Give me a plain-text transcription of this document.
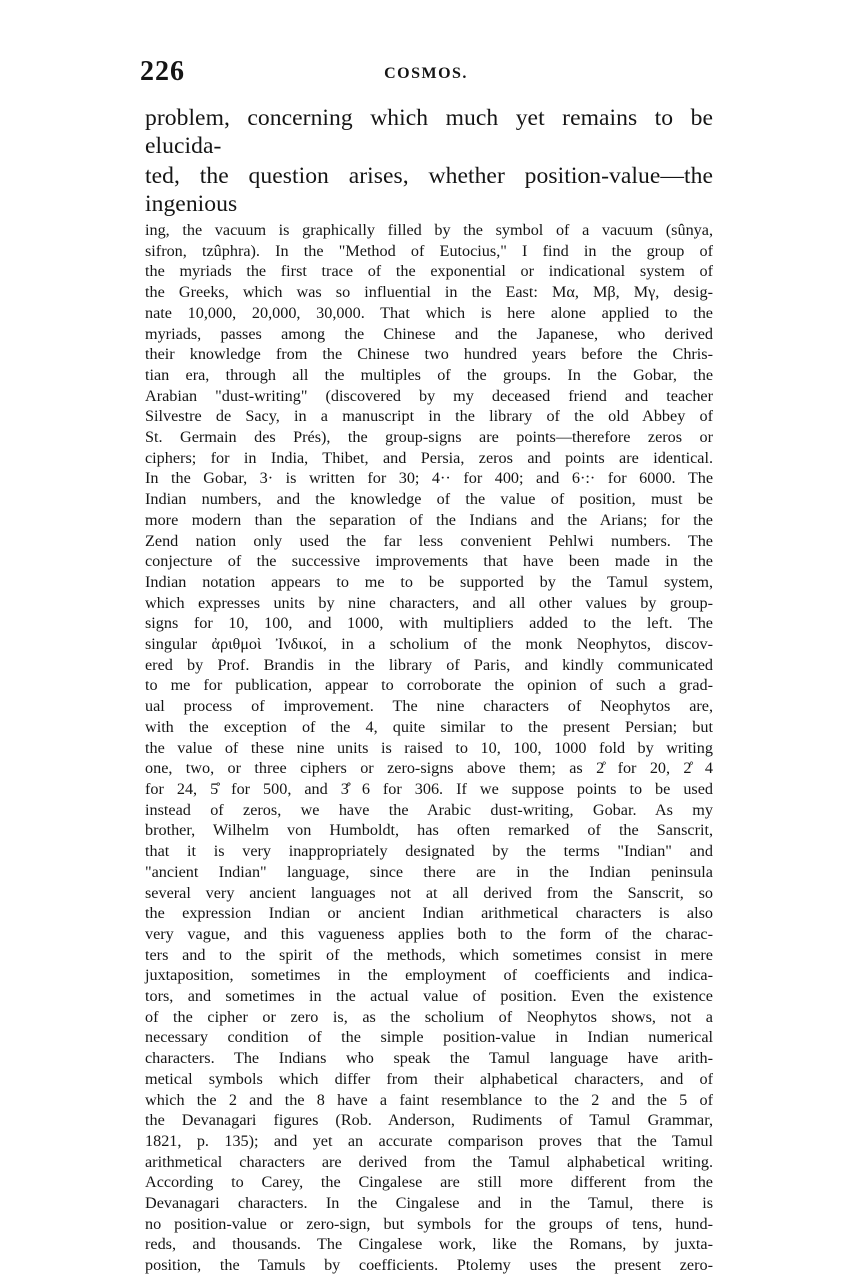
226	COSMOS.
problem, concerning which much yet remains to be elucida-
ted, the question arises, whether position-value—the ingenious
ing, the vacuum is graphically filled by the symbol of a vacuum (sûnya,
sifron, tzûphra). In the "Method of Eutocius," I find in the group of
the myriads the first trace of the exponential or indicational system of
the Greeks, which was so influential in the East: Mα, Mβ, Mγ, desig-
nate 10,000, 20,000, 30,000. That which is here alone applied to the
myriads, passes among the Chinese and the Japanese, who derived
their knowledge from the Chinese two hundred years before the Chris-
tian era, through all the multiples of the groups. In the Gobar, the
Arabian "dust-writing" (discovered by my deceased friend and teacher
Silvestre de Sacy, in a manuscript in the library of the old Abbey of
St. Germain des Prés), the group-signs are points—therefore zeros or
ciphers; for in India, Thibet, and Persia, zeros and points are identical.
In the Gobar, 3· is written for 30; 4·· for 400; and 6·:· for 6000. The
Indian numbers, and the knowledge of the value of position, must be
more modern than the separation of the Indians and the Arians; for the
Zend nation only used the far less convenient Pehlwi numbers. The
conjecture of the successive improvements that have been made in the
Indian notation appears to me to be supported by the Tamul system,
which expresses units by nine characters, and all other values by group-
signs for 10, 100, and 1000, with multipliers added to the left. The
singular ἀριθμοὶ Ἰνδικοί, in a scholium of the monk Neophytos, discov-
ered by Prof. Brandis in the library of Paris, and kindly communicated
to me for publication, appear to corroborate the opinion of such a grad-
ual process of improvement. The nine characters of Neophytos are,
with the exception of the 4, quite similar to the present Persian; but
the value of these nine units is raised to 10, 100, 1000 fold by writing
one, two, or three ciphers or zero-signs above them; as 2̊ for 20, 2̊ 4
for 24, 5̊̊ for 500, and 3̊̊ 6 for 306. If we suppose points to be used
instead of zeros, we have the Arabic dust-writing, Gobar. As my
brother, Wilhelm von Humboldt, has often remarked of the Sanscrit,
that it is very inappropriately designated by the terms "Indian" and
"ancient Indian" language, since there are in the Indian peninsula
several very ancient languages not at all derived from the Sanscrit, so
the expression Indian or ancient Indian arithmetical characters is also
very vague, and this vagueness applies both to the form of the charac-
ters and to the spirit of the methods, which sometimes consist in mere
juxtaposition, sometimes in the employment of coefficients and indica-
tors, and sometimes in the actual value of position. Even the existence
of the cipher or zero is, as the scholium of Neophytos shows, not a
necessary condition of the simple position-value in Indian numerical
characters. The Indians who speak the Tamul language have arith-
metical symbols which differ from their alphabetical characters, and of
which the 2 and the 8 have a faint resemblance to the 2 and the 5 of
the Devanagari figures (Rob. Anderson, Rudiments of Tamul Grammar,
1821, p. 135); and yet an accurate comparison proves that the Tamul
arithmetical characters are derived from the Tamul alphabetical writing.
According to Carey, the Cingalese are still more different from the
Devanagari characters. In the Cingalese and in the Tamul, there is
no position-value or zero-sign, but symbols for the groups of tens, hund-
reds, and thousands. The Cingalese work, like the Romans, by juxta-
position, the Tamuls by coefficients. Ptolemy uses the present zero-
